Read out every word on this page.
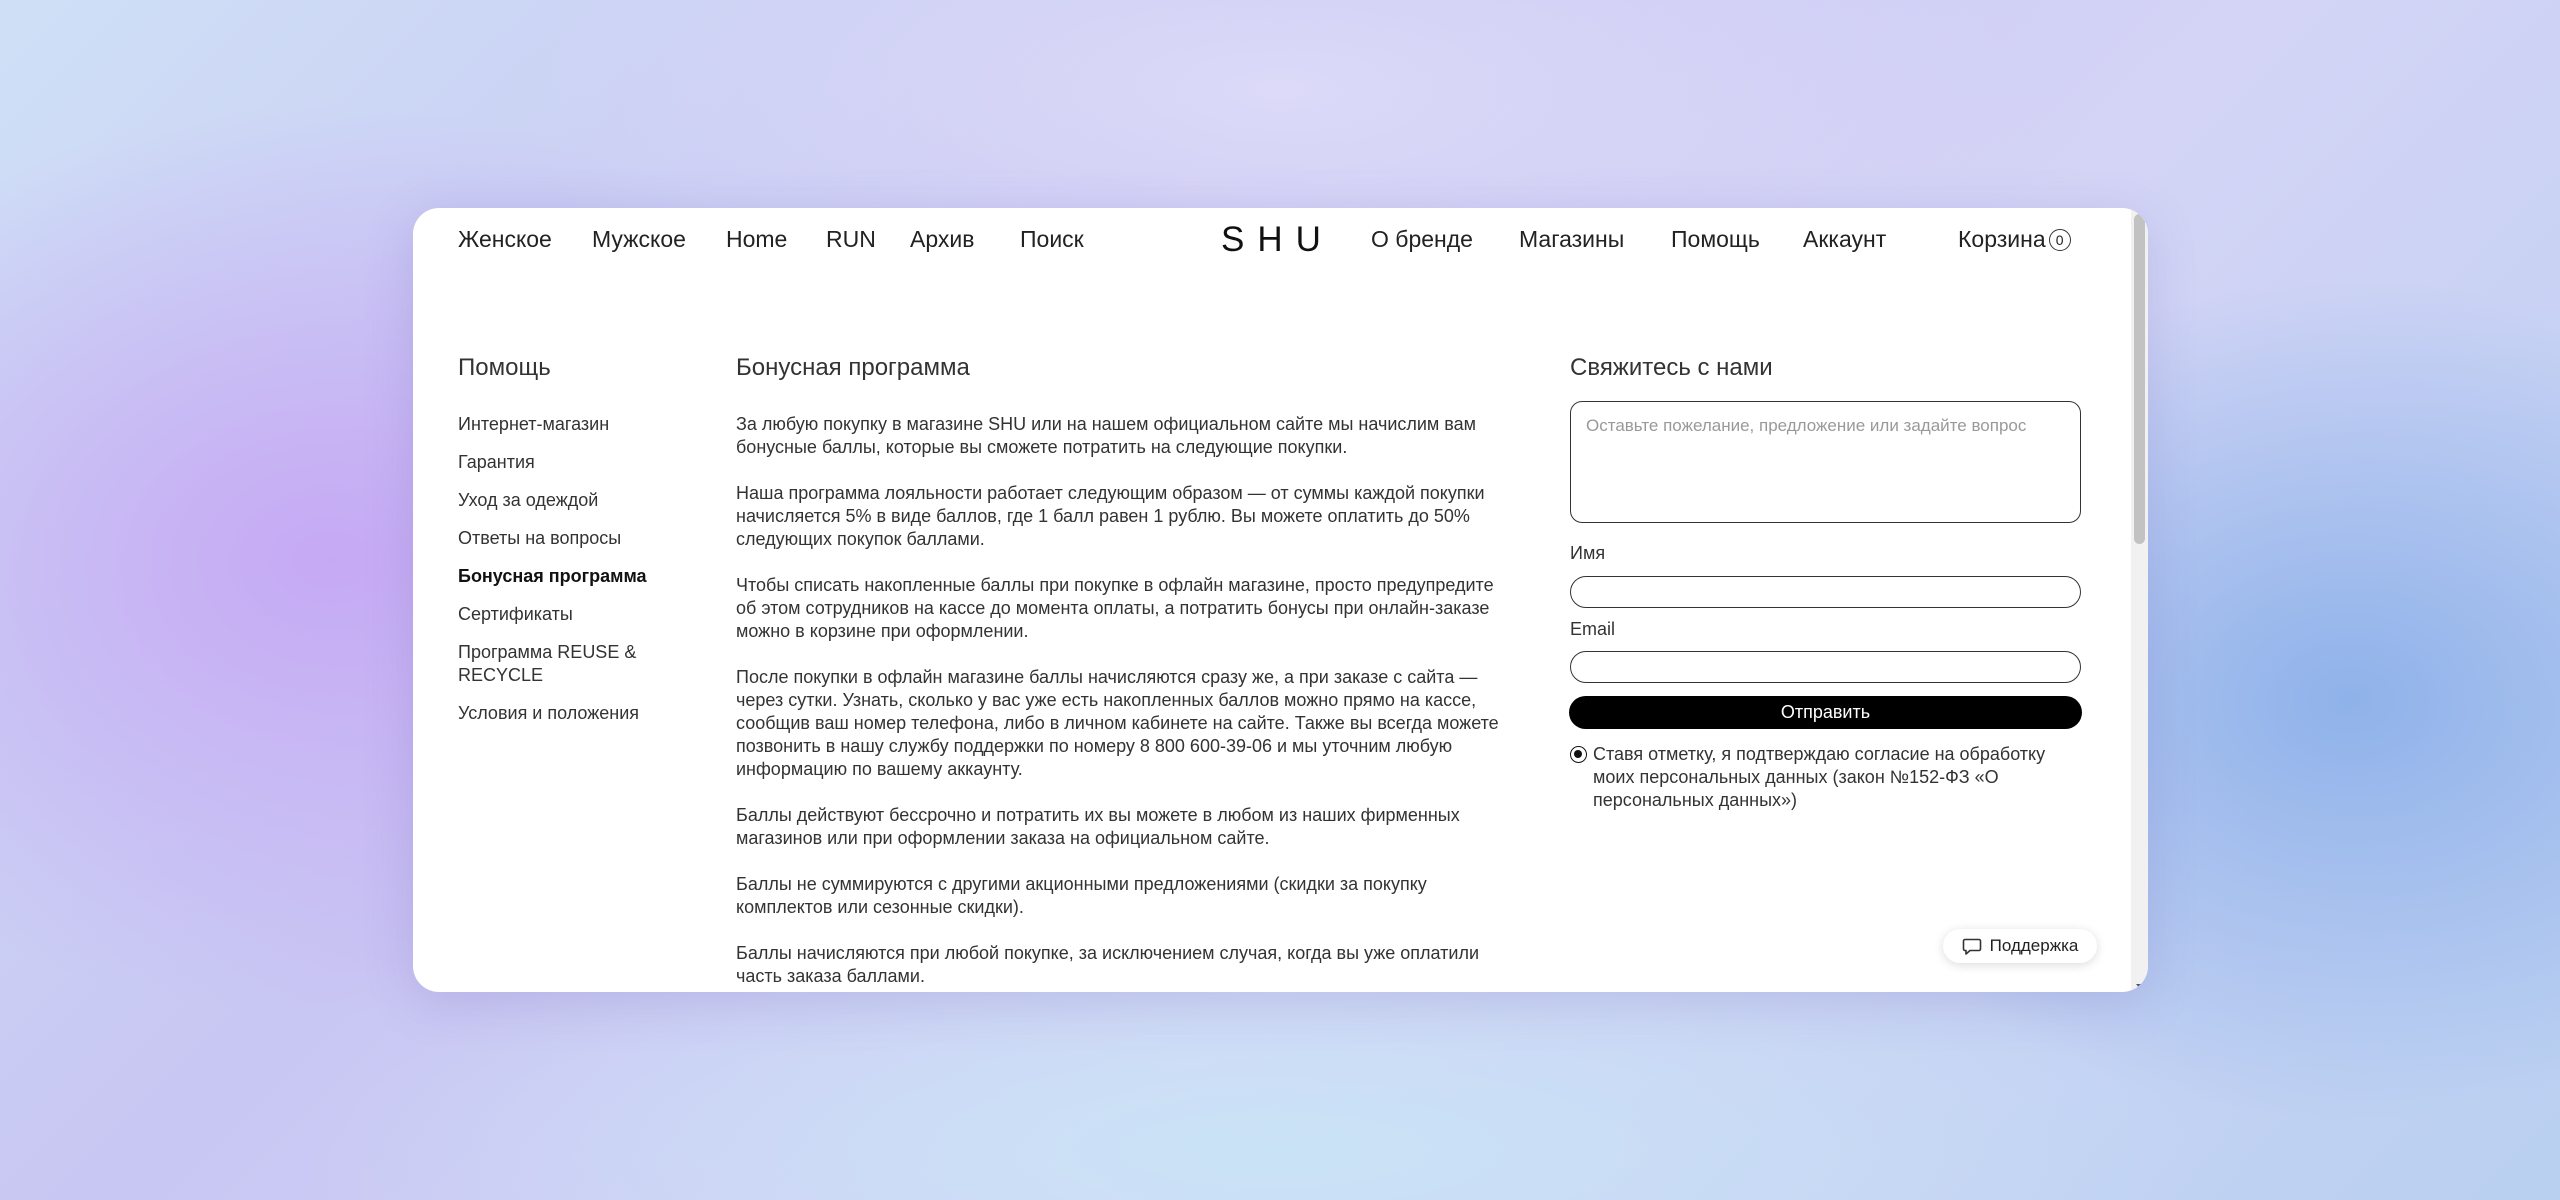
Женское Мужское Home RUN Архив Поиск	SHU О бренде Магазины Помощь Аккаунт	Корзина 0
Помощь
Интернет-магазин
Гарантия
Уход за одеждой
Ответы на вопросы
Бонусная программа
Сертификаты
Программа REUSE & RECYCLE
Условия и положения
Бонусная программа

За любую покупку в магазине SHU или на нашем официальном сайте мы начислим вам бонусные баллы, которые вы сможете потратить на следующие покупки.

Наша программа лояльности работает следующим образом — от суммы каждой покупки начисляется 5% в виде баллов, где 1 балл равен 1 рублю. Вы можете оплатить до 50% следующих покупок баллами.

Чтобы списать накопленные баллы при покупке в офлайн магазине, просто предупредите об этом сотрудников на кассе до момента оплаты, а потратить бонусы при онлайн-заказе можно в корзине при оформлении.

После покупки в офлайн магазине баллы начисляются сразу же, а при заказе с сайта — через сутки. Узнать, сколько у вас уже есть накопленных баллов можно прямо на кассе, сообщив ваш номер телефона, либо в личном кабинете на сайте. Также вы всегда можете позвонить в нашу службу поддержки по номеру 8 800 600-39-06 и мы уточним любую информацию по вашему аккаунту.

Баллы действуют бессрочно и потратить их вы можете в любом из наших фирменных магазинов или при оформлении заказа на официальном сайте.

Баллы не суммируются с другими акционными предложениями (скидки за покупку комплектов или сезонные скидки).

Баллы начисляются при любой покупке, за исключением случая, когда вы уже оплатили часть заказа баллами.

Свяжитесь с нами
Оставьте пожелание, предложение или задайте вопрос
Имя
Email
Отправить
Ставя отметку, я подтверждаю согласие на обработку моих персональных данных (закон №152-ФЗ «О персональных данных»)
Поддержка
